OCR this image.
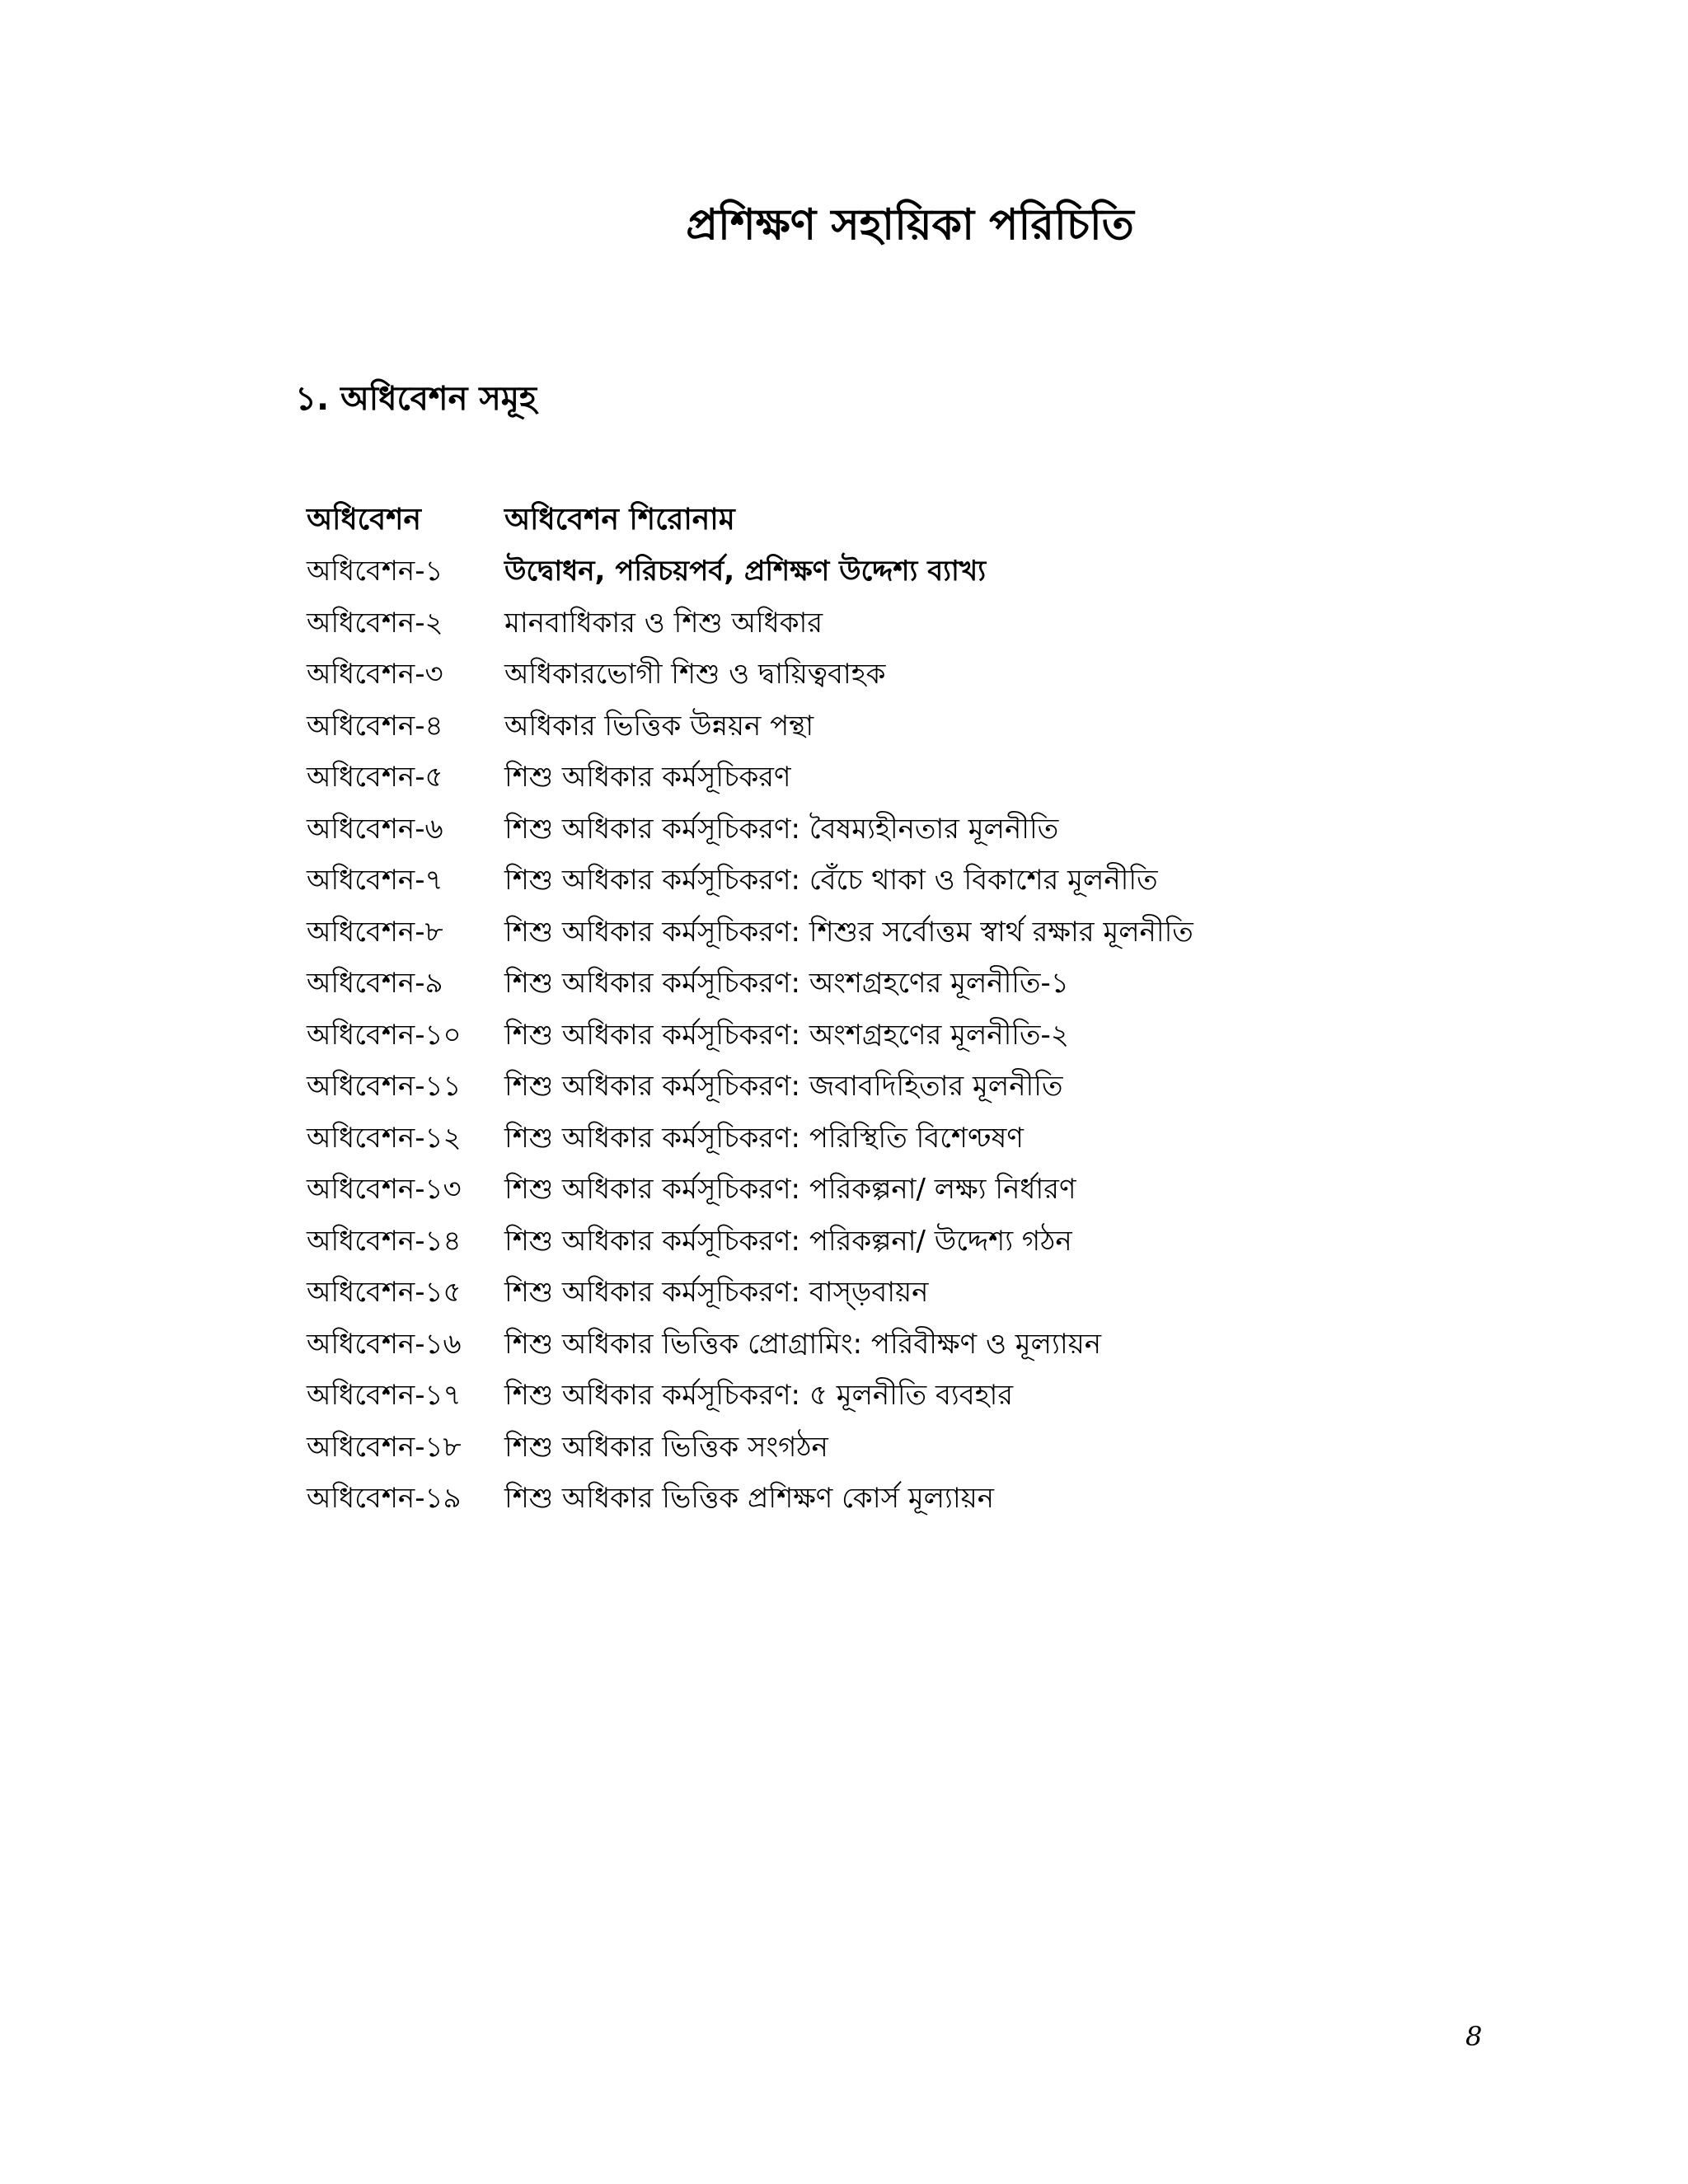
প্রশিক্ষণ সহায়িকা পরিচিতি
১. অধিবেশন সমূহ
অধিবেশন	অধিবেশন শিরোনাম
অধিবেশন-১	উদ্বোধন, পরিচয়পর্ব, প্রশিক্ষণ উদ্দেশ্য ব্যাখ্য
অধিবেশন-২	মানবাধিকার ও শিশু অধিকার
অধিবেশন-৩	অধিকারভোগী শিশু ও দ্বায়িত্ববাহক
অধিবেশন-৪	অধিকার ভিত্তিক উন্নয়ন পন্থা
অধিবেশন-৫	শিশু অধিকার কর্মসূচিকরণ
অধিবেশন-৬	শিশু অধিকার কর্মসূচিকরণ: বৈষম্যহীনতার মূলনীতি
অধিবেশন-৭	শিশু অধিকার কর্মসূচিকরণ: বেঁচে থাকা ও বিকাশের মূলনীতি
অধিবেশন-৮	শিশু অধিকার কর্মসূচিকরণ: শিশুর সর্বোত্তম স্বার্থ রক্ষার মূলনীতি
অধিবেশন-৯	শিশু অধিকার কর্মসূচিকরণ: অংশগ্রহণের মূলনীতি-১
অধিবেশন-১০	শিশু অধিকার কর্মসূচিকরণ: অংশগ্রহণের মূলনীতি-২
অধিবেশন-১১	শিশু অধিকার কর্মসূচিকরণ: জবাবদিহিতার মূলনীতি
অধিবেশন-১২	শিশু অধিকার কর্মসূচিকরণ: পরিস্থিতি বিশেণ্ঢষণ
অধিবেশন-১৩	শিশু অধিকার কর্মসূচিকরণ: পরিকল্পনা/ লক্ষ্য নির্ধারণ
অধিবেশন-১৪	শিশু অধিকার কর্মসূচিকরণ: পরিকল্পনা/ উদ্দেশ্য গঠন
অধিবেশন-১৫	শিশু অধিকার কর্মসূচিকরণ: বাস্ড়বায়ন
অধিবেশন-১৬	শিশু অধিকার ভিত্তিক প্রোগ্রামিং: পরিবীক্ষণ ও মূল্যায়ন
অধিবেশন-১৭	শিশু অধিকার কর্মসূচিকরণ: ৫ মূলনীতি ব্যবহার
অধিবেশন-১৮	শিশু অধিকার ভিত্তিক সংগঠন
অধিবেশন-১৯	শিশু অধিকার ভিত্তিক প্রশিক্ষণ কোর্স মূল্যায়ন
8
